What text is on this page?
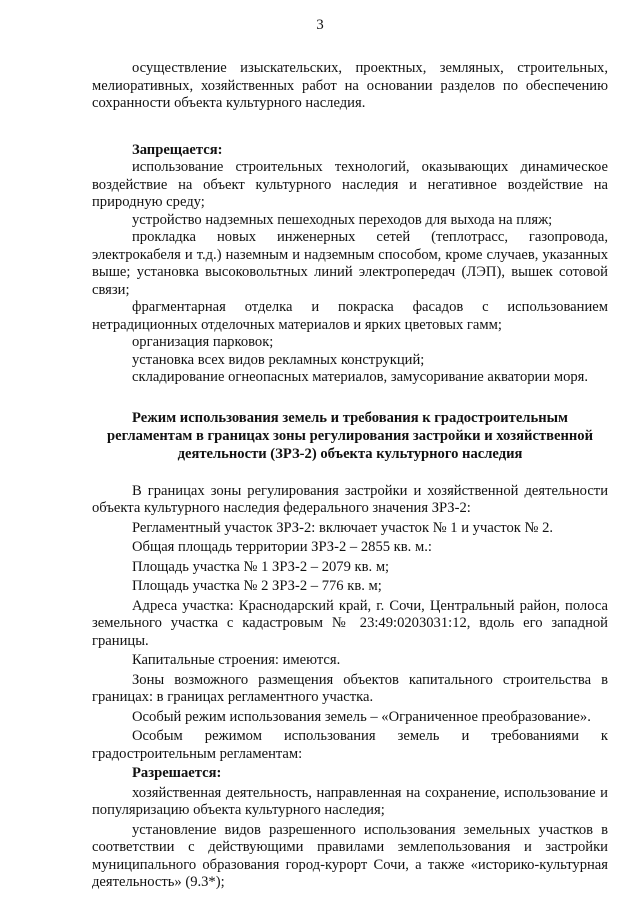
3

осуществление изыскательских, проектных, земляных, строительных, мелиоративных, хозяйственных работ на основании разделов по обеспечению сохранности объекта культурного наследия.

Запрещается:

использование строительных технологий, оказывающих динамическое воздействие на объект культурного наследия и негативное воздействие на природную среду;

устройство надземных пешеходных переходов для выхода на пляж;

прокладка новых инженерных сетей (теплотрасс, газопровода, электрокабеля и т.д.) наземным и надземным способом, кроме случаев, указанных выше; установка высоковольтных линий электропередач (ЛЭП), вышек сотовой связи;

фрагментарная отделка и покраска фасадов с использованием нетрадиционных отделочных материалов и ярких цветовых гамм;

организация парковок;

установка всех видов рекламных конструкций;

складирование огнеопасных материалов, замусоривание акватории моря.

Режим использования земель и требования к градостроительным регламентам в границах зоны регулирования застройки и хозяйственной деятельности (ЗРЗ-2) объекта культурного наследия

В границах зоны регулирования застройки и хозяйственной деятельности объекта культурного наследия федерального значения ЗРЗ-2:

Регламентный участок ЗРЗ-2: включает участок № 1 и участок № 2.

Общая площадь территории ЗРЗ-2 – 2855 кв. м.:

Площадь участка № 1 ЗРЗ-2 – 2079 кв. м;

Площадь участка № 2 ЗРЗ-2 – 776 кв. м;

Адреса участка: Краснодарский край, г. Сочи, Центральный район, полоса земельного участка с кадастровым № 23:49:0203031:12, вдоль его западной границы.

Капитальные строения: имеются.

Зоны возможного размещения объектов капитального строительства в границах: в границах регламентного участка.

Особый режим использования земель – «Ограниченное преобразование».

Особым режимом использования земель и требованиями к градостроительным регламентам:

Разрешается:

хозяйственная деятельность, направленная на сохранение, использование и популяризацию объекта культурного наследия;

установление видов разрешенного использования земельных участков в соответствии с действующими правилами землепользования и застройки муниципального образования город-курорт Сочи, а также «историко-культурная деятельность» (9.3*);
